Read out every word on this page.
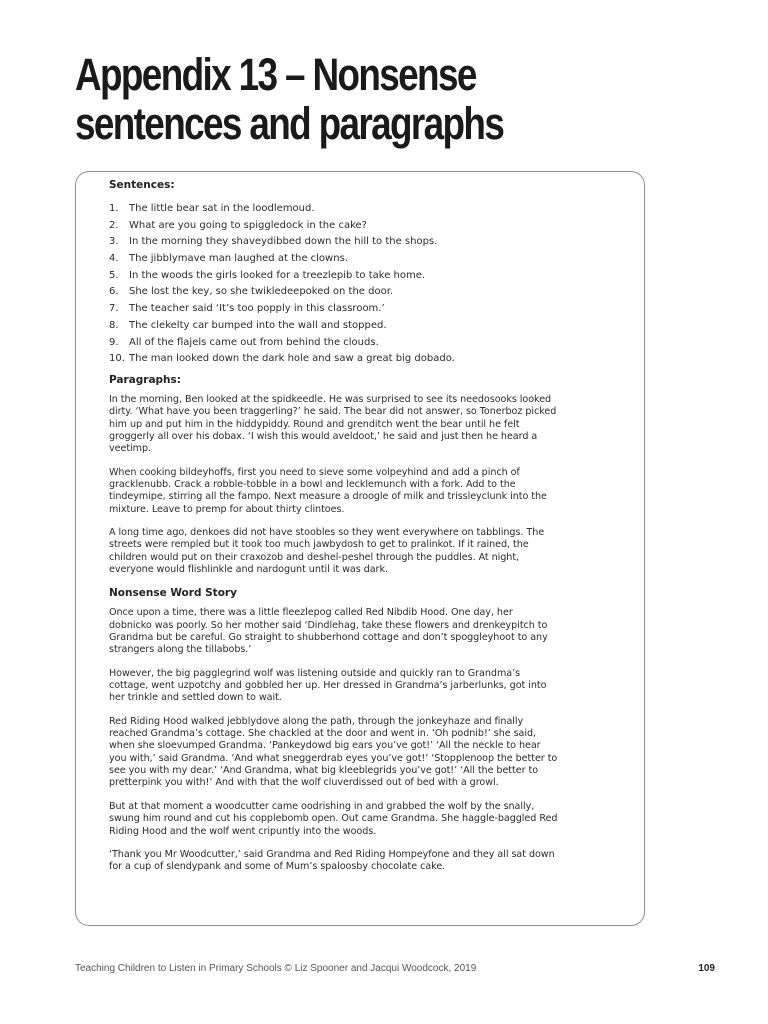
Appendix 13 – Nonsense
sentences and paragraphs
Sentences:
1.	The little bear sat in the loodlemoud.
2.	What are you going to spiggledock in the cake?
3.	In the morning they shaveydibbed down the hill to the shops.
4.	The jibblymave man laughed at the clowns.
5.	In the woods the girls looked for a treezlepib to take home.
6.	She lost the key, so she twikledeepoked on the door.
7.	The teacher said ‘It’s too popply in this classroom.’
8.	The clekelty car bumped into the wall and stopped.
9.	All of the flajels came out from behind the clouds.
10. The man looked down the dark hole and saw a great big dobado.
Paragraphs:

In the morning, Ben looked at the spidkeedle. He was surprised to see its needosooks looked
dirty. ‘What have you been traggerling?’ he said. The bear did not answer, so Tonerboz picked
him up and put him in the hiddypiddy. Round and grenditch went the bear until he felt
groggerly all over his dobax. ‘I wish this would aveldoot,’ he said and just then he heard a
veetimp.

When cooking bildeyhoffs, first you need to sieve some volpeyhind and add a pinch of
gracklenubb. Crack a robble-tobble in a bowl and lecklemunch with a fork. Add to the
tindeymipe, stirring all the fampo. Next measure a droogle of milk and trissleyclunk into the
mixture. Leave to premp for about thirty clintoes.

A long time ago, denkoes did not have stoobles so they went everywhere on tabblings. The
streets were rempled but it took too much jawbydosh to get to pralinkot. If it rained, the
children would put on their craxozob and deshel-peshel through the puddles. At night,
everyone would flishlinkle and nardogunt until it was dark.

Nonsense Word Story

Once upon a time, there was a little fleezlepog called Red Nibdib Hood. One day, her
dobnicko was poorly. So her mother said ‘Dindlehag, take these flowers and drenkeypitch to
Grandma but be careful. Go straight to shubberhond cottage and don’t spoggleyhoot to any
strangers along the tillabobs.’

However, the big pagglegrind wolf was listening outside and quickly ran to Grandma’s
cottage, went uzpotchy and gobbled her up. Her dressed in Grandma’s jarberlunks, got into
her trinkle and settled down to wait.

Red Riding Hood walked jebblydove along the path, through the jonkeyhaze and finally
reached Grandma’s cottage. She chackled at the door and went in. ‘Oh podnib!’ she said,
when she sloevumped Grandma. ‘Pankeydowd big ears you’ve got!’ ‘All the neckle to hear
you with,’ said Grandma. ‘And what sneggerdrab eyes you’ve got!’ ‘Stopplenoop the better to
see you with my dear.’ ‘And Grandma, what big kleeblegrids you’ve got!’ ‘All the better to
pretterpink you with!’ And with that the wolf cluverdissed out of bed with a growl.

But at that moment a woodcutter came oodrishing in and grabbed the wolf by the snally,
swung him round and cut his copplebomb open. Out came Grandma. She haggle-baggled Red
Riding Hood and the wolf went cripuntly into the woods.

‘Thank you Mr Woodcutter,’ said Grandma and Red Riding Hompeyfone and they all sat down
for a cup of slendypank and some of Mum’s spaloosby chocolate cake.

Teaching Children to Listen in Primary Schools © Liz Spooner and Jacqui Woodcock, 2019	109
